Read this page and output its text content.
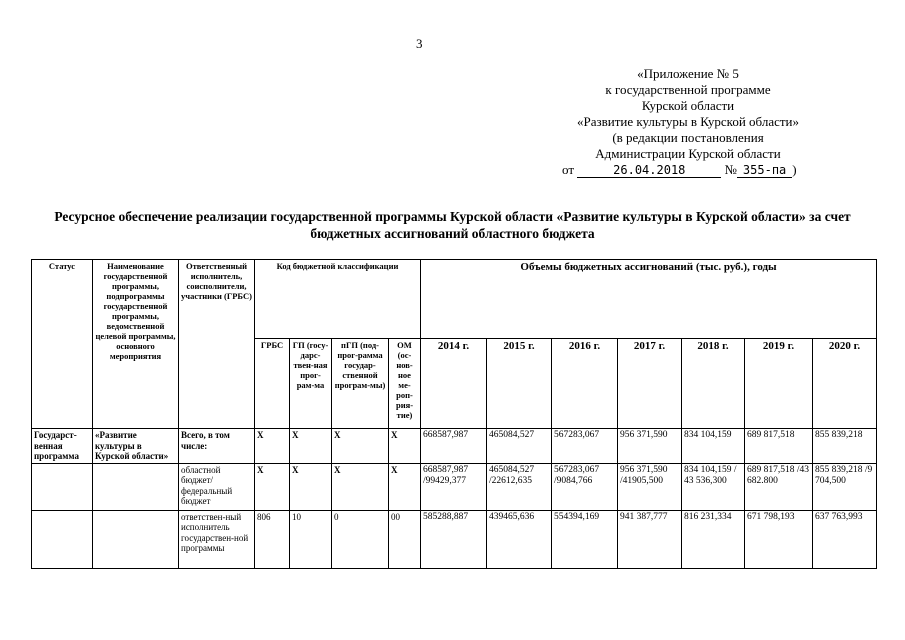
3
«Приложение № 5
к государственной программе
Курской области
«Развитие культуры в Курской области»
(в редакции постановления
Администрации Курской области
от	26.04.2018	№ 355-па )
Ресурсное обеспечение реализации государственной программы Курской области «Развитие культуры в Курской области» за счет бюджетных ассигнований областного бюджета
Статус	Наименование государственной программы, подпрограммы государственной программы, ведомственной целевой программы, основного мероприятия	Ответственный исполнитель, соисполнители, участники (ГРБС)	Код бюджетной классификации				Объемы бюджетных ассигнований (тыс. руб.), годы						
			ГРБС	ГП (госу-дарс-твен-ная прог-рам-ма	пГП (под-прог-рамма государ-ственной програм-мы)	ОМ (ос-нов-ное ме-роп-рия-тие)	2014 г.	2015 г.	2016 г.	2017 г.	2018 г.	2019 г.	2020 г.
Государст-венная программа	«Развитие культуры в Курской области»	Всего, в том числе:	Х	Х	Х	Х	668587,987	465084,527	567283,067	956 371,590	834 104,159	689 817,518	855 839,218
		областной бюджет/ федеральный бюджет	Х	Х	Х	Х	668587,987 /99429,377	465084,527 /22612,635	567283,067 /9084,766	956 371,590 /41905,500	834 104,159 / 43 536,300	689 817,518 /43 682.800	855 839,218 /9 704,500
		ответствен-ный исполнитель государствен-ной программы	806	10	0	00	585288,887	439465,636	554394,169	941 387,777	816 231,334	671 798,193	637 763,993
